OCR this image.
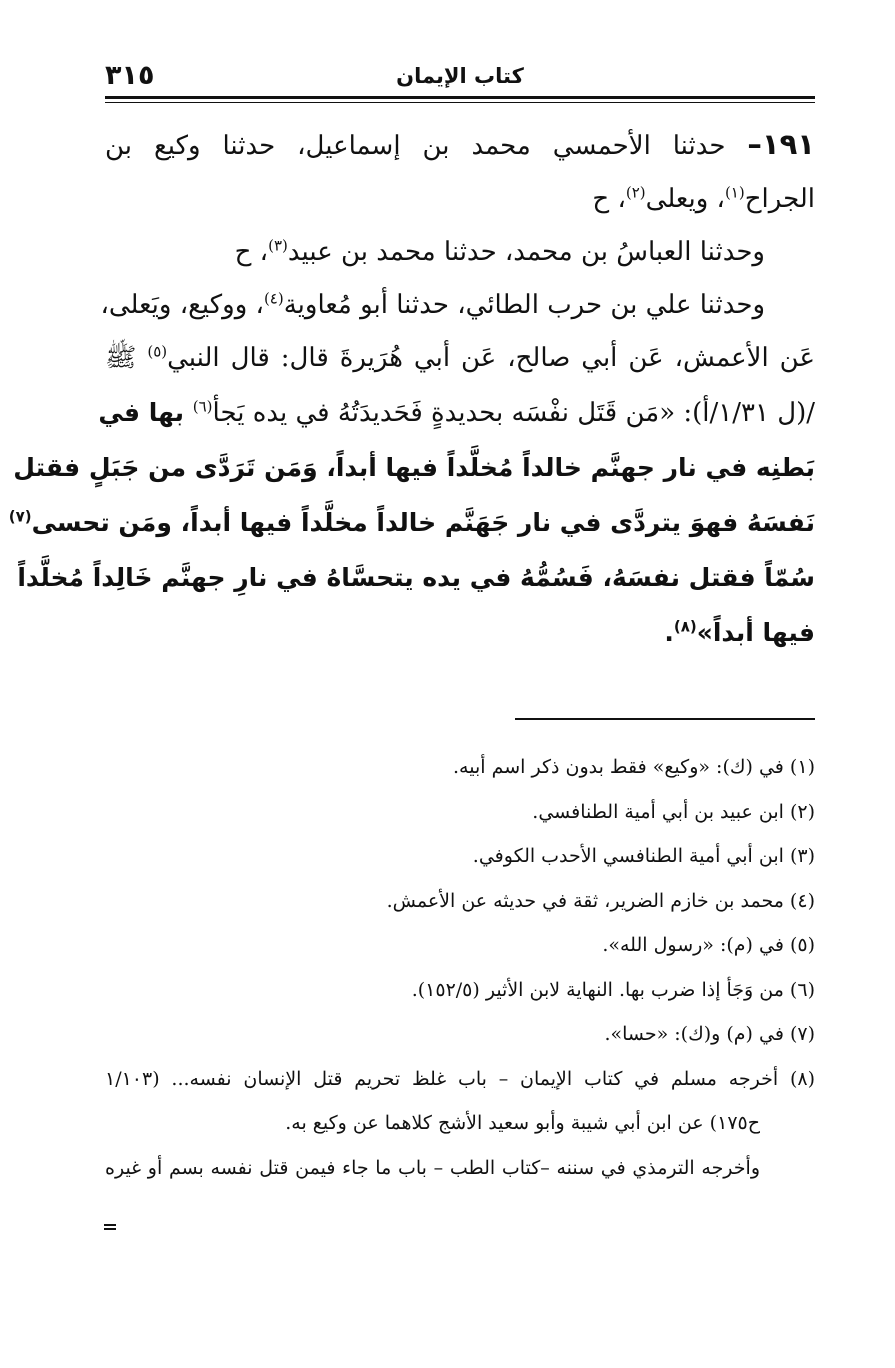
كتاب الإيمان
٣١٥

١٩١– حدثنا الأحمسي محمد بن إسماعيل، حدثنا وكيع بن

الجراح$^{(١)}$، ويعلى$^{(٢)}$، ح

وحدثنا العباسُ بن محمد، حدثنا محمد بن عبيد$^{(٣)}$، ح

وحدثنا علي بن حرب الطائي، حدثنا أبو مُعاوية$^{(٤)}$، ووكيع، ويَعلى،

عَن الأعمش، عَن أبي صالح، عَن أبي هُرَيرةَ قال: قال النبي$^{(٥)}$ ﷺ

/(ل ١/٣١/أ): «مَن قَتَل نفْسَه بحديدةٍ فَحَديدَتُهُ في يده يَجأ$^{(٦)}$ بها في

بَطنِه في نار جهنَّم خالداً مُخلَّداً فيها أبداً، وَمَن تَرَدَّى من جَبَلٍ فقتل

نَفسَهُ فهوَ يتردَّى في نار جَهَنَّم خالداً مخلَّداً فيها أبداً، ومَن تحسى$^{(٧)}$

سُمّاً فقتل نفسَهُ، فَسُمُّهُ في يده يتحسَّاهُ في نارِ جهنَّم خَالِداً مُخلَّداً

فيها أبداً»$^{(٨)}$.

(١) في (ك): «وكيع» فقط بدون ذكر اسم أبيه.

(٢) ابن عبيد بن أبي أمية الطنافسي.

(٣) ابن أبي أمية الطنافسي الأحدب الكوفي.

(٤) محمد بن خازم الضرير، ثقة في حديثه عن الأعمش.

(٥) في (م): «رسول الله».

(٦) من وَجَأ إذا ضرب بها. النهاية لابن الأثير (١٥٢/٥).

(٧) في (م) و(ك): «حسا».

(٨) أخرجه مسلم في كتاب الإيمان – باب غلظ تحريم قتل الإنسان نفسه... (١/١٠٣

ح١٧٥) عن ابن أبي شيبة وأبو سعيد الأشج كلاهما عن وكيع به.

وأخرجه الترمذي في سننه –كتاب الطب – باب ما جاء فيمن قتل نفسه بسم أو غيره
